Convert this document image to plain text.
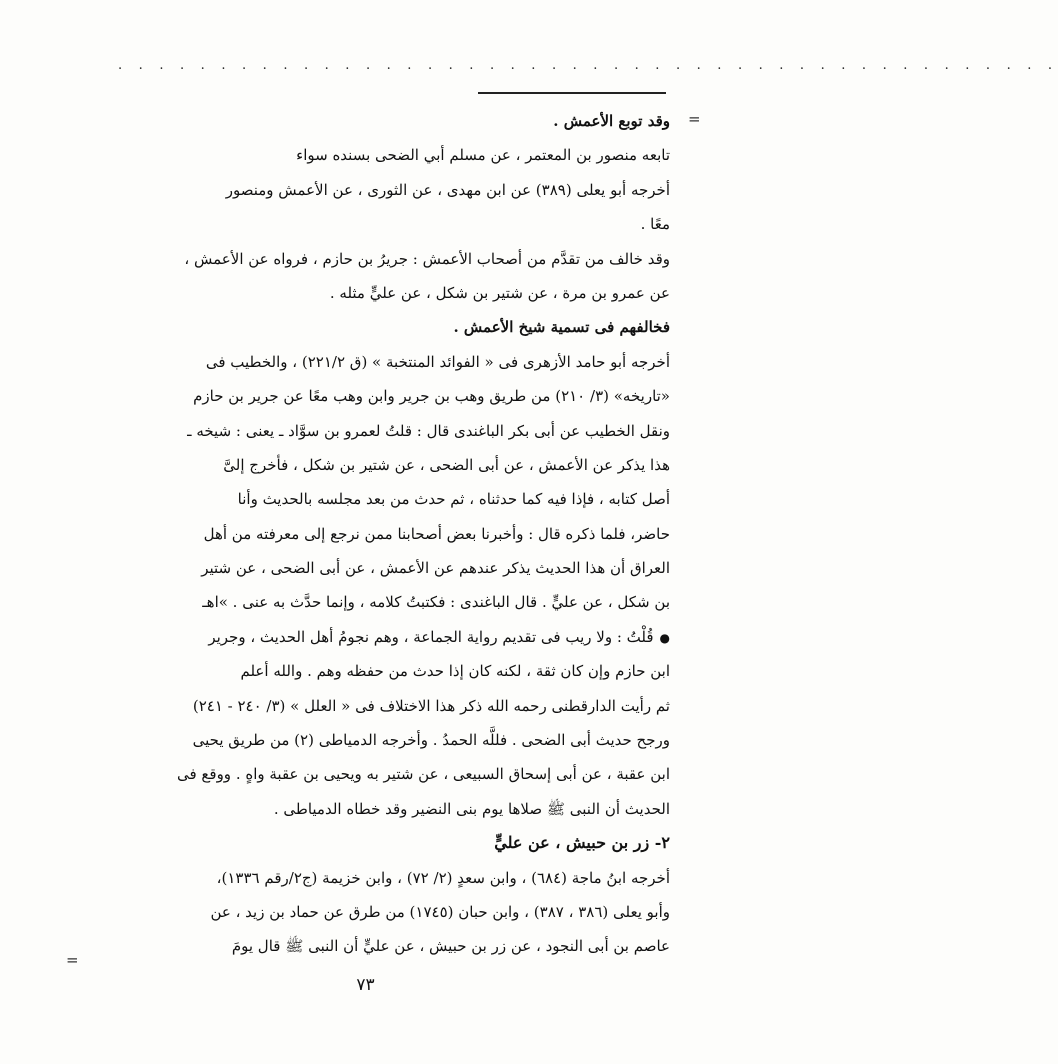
. . . . . . . . . . . . . . . . . . . . . . . . . . . . . . . . . . . . . . . . . . . . . .
=
=
وقد توبع الأعمش .
تابعه منصور بن المعتمر ، عن مسلم أبي الضحى بسنده سواء
أخرجه أبو يعلى (٣٨٩) عن ابن مهدى ، عن الثورى ، عن الأعمش ومنصور
معًا .
وقد خالف من تقدَّم من أصحاب الأعمش : جريرُ بن حازم ، فرواه عن الأعمش ،
عن عمرو بن مرة ، عن شتير بن شكل ، عن عليٍّ مثله .
فخالفهم فى تسمية شيخ الأعمش .
أخرجه أبو حامد الأزهرى فى « الفوائد المنتخبة » (ق ٢٢١/٢) ، والخطيب فى
«تاريخه» (٣/ ٢١٠) من طريق وهب بن جرير وابن وهب معًا عن جرير بن حازم
ونقل الخطيب عن أبى بكر الباغندى قال : قلتُ لعمرو بن سوَّاد ـ يعنى : شيخه ـ
هذا يذكر عن الأعمش ، عن أبى الضحى ، عن شتير بن شكل ، فأخرج إلىَّ
أصل كتابه ، فإذا فيه كما حدثناه ، ثم حدث من بعد مجلسه بالحديث وأنا
حاضر، فلما ذكره قال : وأخبرنا بعض أصحابنا ممن نرجع إلى معرفته من أهل
العراق أن هذا الحديث يذكر عندهم عن الأعمش ، عن أبى الضحى ، عن شتير
بن شكل ، عن عليٍّ . قال الباغندى : فكتبتُ كلامه ، وإنما حدَّث به عنى . »اهـ
●قُلْتُ : ولا ريب فى تقديم رواية الجماعة ، وهم نجومُ أهل الحديث ، وجرير
ابن حازم وإن كان ثقة ، لكنه كان إذا حدث من حفظه وهم . والله أعلم
ثم رأيت الدارقطنى رحمه الله ذكر هذا الاختلاف فى « العلل » (٣/ ٢٤٠ - ٢٤١)
ورجح حديث أبى الضحى . فللَّه الحمدُ . وأخرجه الدمياطى (٢) من طريق يحيى
ابن عقبة ، عن أبى إسحاق السبيعى ، عن شتير به ويحيى بن عقبة واهٍ . ووقع فى
الحديث أن النبى ﷺ صلاها يوم بنى النضير وقد خطاه الدمياطى .
٢- زر بن حبيش ، عن عليٍّ
أخرجه ابنُ ماجة (٦٨٤) ، وابن سعدٍ (٢/ ٧٢) ، وابن خزيمة (ج٢/رقم ١٣٣٦)،
وأبو يعلى (٣٨٦ ، ٣٨٧) ، وابن حبان (١٧٤٥) من طرق عن حماد بن زيد ، عن
عاصم بن أبى النجود ، عن زر بن حبيش ، عن عليٍّ أن النبى ﷺ قال يومَ
٧٣
